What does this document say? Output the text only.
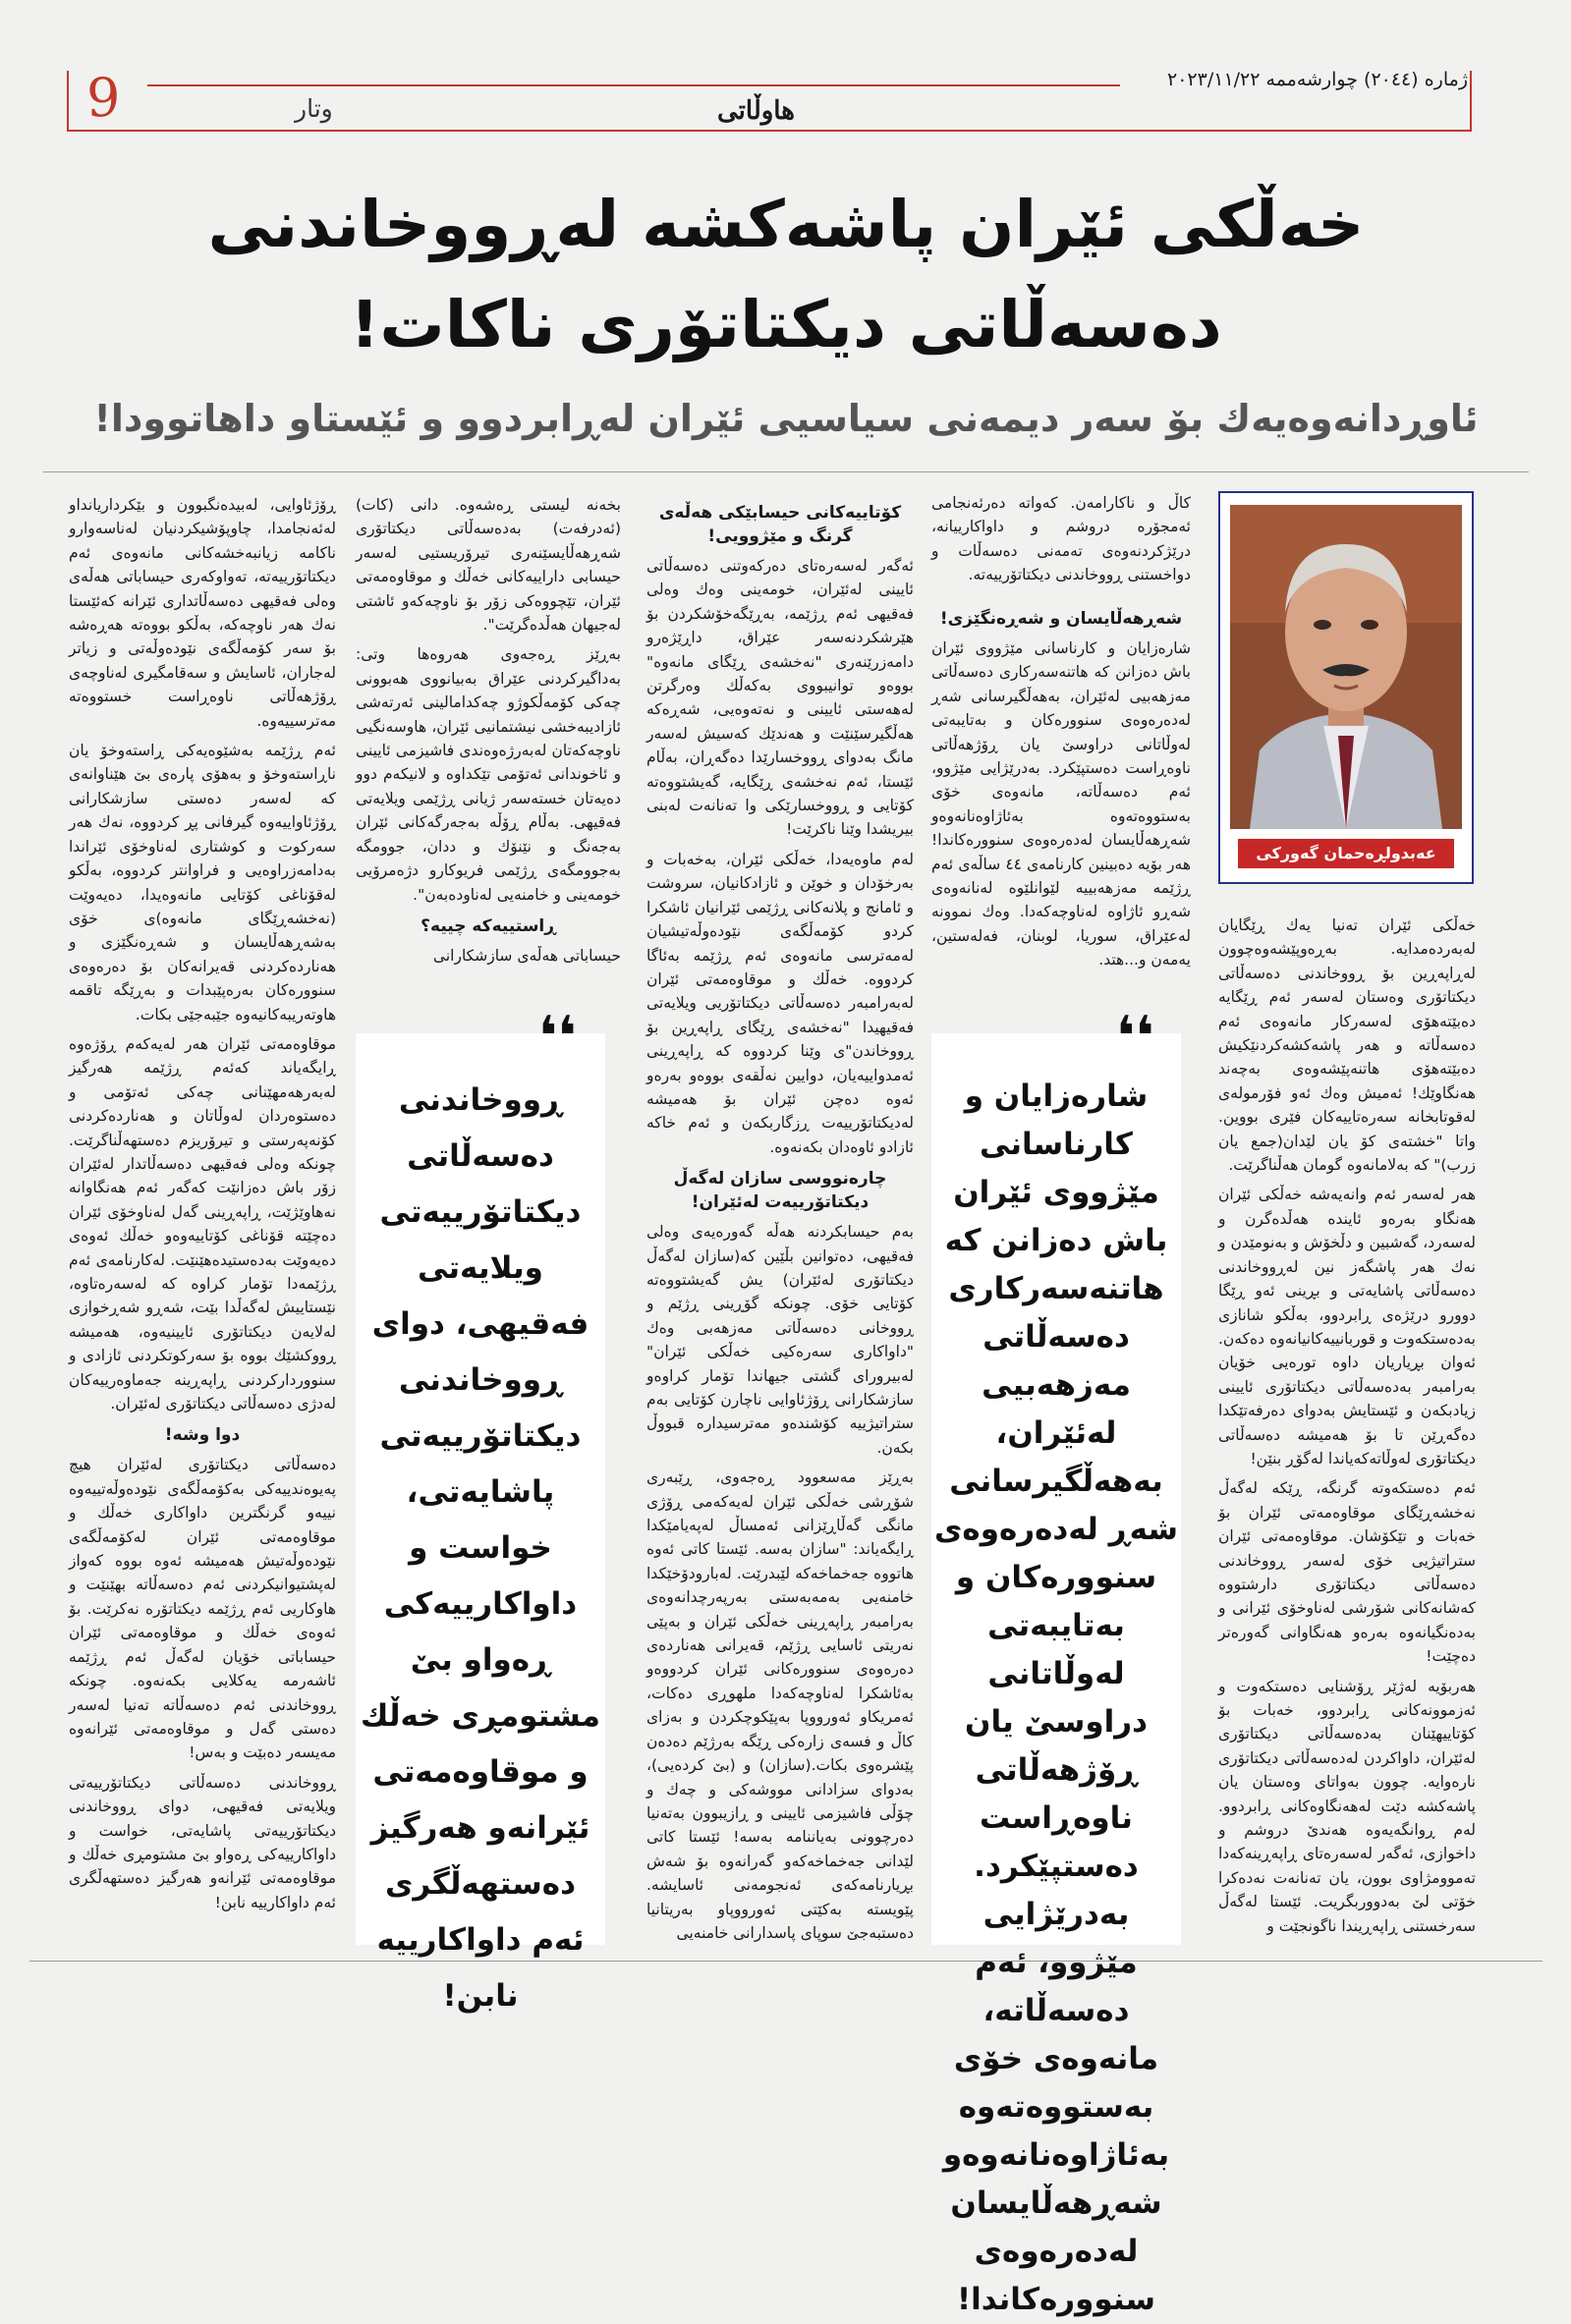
9	ژمارە (٢٠٤٤) چوارشەممە ٢٠٢٣/١١/٢٢
هاوڵاتی
وتار
خەڵکی ئێران پاشەکشە لەڕووخاندنی دەسەڵاتی دیکتاتۆری ناکات!
ئاوڕدانەوەیەك بۆ سەر دیمەنی سیاسیی ئێران لەڕابردوو و ئێستاو داهاتوودا!
عەبدولڕەحمان گەورکی

کاڵ و ناکارامەن. کەواتە دەرئەنجامی ئەمجۆرە دروشم و داواکارییانە، درێژکردنەوەی تەمەنی دەسەڵات و دواخستنی ڕووخاندنی دیکتاتۆرییەتە.

شەڕهەڵایسان و شەڕەنگێزی!

شارەزایان و کارناسانی مێژووی ئێران باش دەزانن کە هاتنەسەرکاری دەسەڵاتی مەزهەبیی لەئێران، بەهەڵگیرسانی شەڕ لەدەرەوەی سنوورەکان و بەتایبەتی لەوڵاتانی دراوسێ یان ڕۆژهەڵاتی ناوەڕاست دەستپێکرد. بەدرێژایی مێژوو، ئەم دەسەڵاتە، مانەوەی خۆی بەستووەتەوە بەئاژاوەنانەوەو شەڕهەڵایسان لەدەرەوەی سنوورەکاندا! هەر بۆیە دەبینین کارنامەی ٤٤ ساڵەی ئەم ڕژێمە مەزهەبییە لێوانلێوە لەنانەوەی شەڕو ئاژاوە لەناوچەکەدا. وەك نموونە لەعێراق، سوریا، لوبنان، فەلەستین، یەمەن و...هتد.

خەڵکی ئێران تەنیا یەك ڕێگایان لەبەردەمدایە. بەڕەوپێشەوەچوون لەڕاپەڕین بۆ ڕووخاندنی دەسەڵاتی دیکتاتۆری وەستان لەسەر ئەم ڕێگایە دەبێتەهۆی لەسەرکار مانەوەی ئەم دەسەڵاتە و هەر پاشەکشەکردنێکیش دەبێتەهۆی هاتنەپێشەوەی بەچەند هەنگاوێك! ئەمیش وەك ئەو فۆرمولەی لەقوتابخانە سەرەتاییەکان فێری بووین. واتا "خشتەی کۆ یان لێدان(جمع یان زرب)" کە بەلامانەوە گومان هەڵناگرێت.

هەر لەسەر ئەم وانەیەشە خەڵکی ئێران هەنگاو بەرەو ئایندە هەڵدەگرن و لەسەرد، گەشبین و دڵخۆش و بەنومێدن و نەك هەر پاشگەز نین لەڕووخاندنی دەسەڵاتی پاشایەتی و بڕینی ئەو ڕێگا دوورو درێژەی ڕابردوو، بەڵکو شانازی بەدەستکەوت و قوربانییەکانیانەوە دەکەن. ئەوان بڕیاریان داوە تورەیی خۆیان بەرامبەر بەدەسەڵاتی دیکتاتۆری ئایینی زیادبکەن و ئێستایش بەدوای دەرفەتێکدا دەگەڕێن تا بۆ هەمیشە دەسەڵاتی دیکتاتۆری لەوڵاتەکەیاندا لەگۆڕ بنێن!

ئەم دەستکەوتە گرنگە، ڕێکە لەگەڵ نەخشەڕێگای موقاوەمەتی ئێران بۆ خەبات و تێکۆشان. موقاوەمەتی ئێران ستراتیژیی خۆی لەسەر ڕووخاندنی دەسەڵاتی دیکتاتۆری دارشتووە کەشانەکانی شۆرشی لەناوخۆی ئێرانی و بەدەنگیانەوە بەرەو هەنگاوانی گەورەتر دەچێت!

هەربۆیە لەژێر ڕۆشنایی دەستکەوت و ئەزموونەکانی ڕابردوو، خەبات بۆ کۆتاییهێنان بەدەسەڵاتی دیکتاتۆری لەئێران، داواکردن لەدەسەڵاتی دیکتاتۆری نارەوایە. چوون بەواتای وەستان یان پاشەکشە دێت لەهەنگاوەکانی ڕابردوو. لەم ڕوانگەیەوە هەندێ دروشم و داخوازی، ئەگەر لەسەرەتای ڕاپەڕینەکەدا تەموومژاوی بوون، یان تەنانەت نەدەکرا خۆتی لێ بەدووربگریت. ئێستا لەگەڵ سەرخستنی ڕاپەڕیندا ناگونجێت و

کۆتاییەکانی حیسابێکی هەڵەی گرنگ و مێژوویی!

ئەگەر لەسەرەتای دەرکەوتنی دەسەڵاتی ئایینی لەئێران، خومەینی وەك وەلی فەقیهی ئەم ڕژێمە، بەڕێگەخۆشکردن بۆ هێرشکردنەسەر عێراق، داڕێژەرو دامەزرێنەری "نەخشەی ڕێگای مانەوە" بووەو توانیبووی بەکەڵك وەرگرتن لەهەستی ئایینی و نەتەوەیی، شەڕەکە هەڵگیرسێنێت و هەندێك کەسیش لەسەر مانگ بەدوای ڕووخسارێدا دەگەڕان، بەڵام ئێستا، ئەم نەخشەی ڕێگایە، گەیشتووەتە کۆتایی و ڕووخسارێکی وا تەنانەت لەبنی بیریشدا وێنا ناکرێت!

لەم ماوەیەدا، خەڵکی ئێران، بەخەبات و بەرخۆدان و خوێن و ئازادکانیان، سروشت و ئامانج و پلانەکانی ڕژێمی ئێرانیان ئاشکرا کردو کۆمەڵگەی نێودەوڵەتیشیان لەمەترسی مانەوەی ئەم ڕژێمە بەئاگا کردووە. خەڵك و موقاوەمەتی ئێران لەبەرامبەر دەسەڵاتی دیکتاتۆریی ویلایەتی فەقیهیدا "نەخشەی ڕێگای ڕاپەڕین بۆ ڕووخاندن"ی وێنا کردووە کە ڕاپەڕینی ئەمدواییەیان، دوایین نەڵقەی بووەو بەرەو ئەوە دەچن ئێران بۆ هەمیشە لەدیکتاتۆرییەت ڕزگاربکەن و ئەم خاکە ئازادو ئاوەدان بکەنەوە.

چارەنووسی سازان لەگەڵ دیکتاتۆرییەت لەئێران!

بەم حیسابکردنە هەڵە گەورەیەی وەلی فەقیهی، دەتوانین بڵێین کە(سازان لەگەڵ دیکتاتۆری لەئێران) یش گەیشتووەتە کۆتایی خۆی. چونکە گۆڕینی ڕژێم و ڕووخانی دەسەڵاتی مەزهەبی وەك "داواکاری سەرەکیی خەڵکی ئێران" لەبیرورای گشتی جیهاندا تۆمار کراوەو سازشکارانی ڕۆژئاوایی ناچارن کۆتایی بەم ستراتیژییە کۆشندەو مەترسیدارە قبووڵ بکەن.

بەڕێز مەسعوود ڕەجەوی، ڕێبەری شۆڕشی خەڵکی ئێران لەیەکەمی ڕۆژی مانگی گەڵاڕێزانی ئەمساڵ لەپەیامێکدا ڕایگەیاند: "سازان بەسە. ئێستا کاتی ئەوە هاتووە جەخماخەکە لێبدرێت. لەبارودۆخێکدا خامنەیی بەمەبەستی بەرپەرچدانەوەی بەرامبەر ڕاپەڕینی خەڵکی ئێران و بەپێی نەریتی ئاسایی ڕژێم، قەیرانی هەناردەی دەرەوەی سنوورەکانی ئێران کردووەو بەئاشکرا لەناوچەکەدا ملهوڕی دەکات، ئەمریکاو ئەورووپا بەپێکوچکردن و بەزای کاڵ و فسەی زارەکی ڕێگە بەرژێم دەدەن پێشرەوی بکات.(سازان) و (بێ کردەیی)، بەدوای سزادانی مووشەکی و چەك و چۆڵی فاشیزمی ئایینی و ڕازیبوون بەتەنیا دەرچوونی بەیاننامە بەسە! ئێستا کاتی لێدانی جەخماخەکەو گەرانەوە بۆ شەش بڕیارنامەکەی ئەنجومەنی ئاسایشە. پێویستە بەکێتی ئەورووپاو بەریتانیا دەستبەجێ سوپای پاسدارانی خامنەیی

بخەنە لیستی ڕەشەوە. دانی (کات) (ئەدرفەت) بەدەسەڵاتی دیکتاتۆری شەڕهەڵایسێنەری تیرۆریستیی لەسەر حیسابی داراییەکانی خەڵك و موقاوەمەتی ئێران، تێچووەکی زۆر بۆ ناوچەکەو ئاشتی لەجیهان هەڵدەگرێت".

بەڕێز ڕەجەوی هەروەها وتی: بەداگیرکردنی عێراق بەبیانووی هەبوونی چەکی کۆمەڵکوژو چەکدامالینی ئەرتەشی ئازادیبەخشی نیشتمانیی ئێران، هاوسەنگیی ناوچەکەتان لەبەرژەوەندی فاشیزمی ئایینی و ئاخوندانی ئەتۆمی تێکداوە و لانیکەم دوو دەیەتان خستەسەر ژیانی ڕژێمی ویلایەتی فەقیهی. بەڵام ڕۆڵە بەجەرگەکانی ئێران بەجەنگ و نێنۆك و ددان، جوومگە بەجوومگەی ڕژێمی فریوکارو دژەمرۆیی خومەینی و خامنەیی لەناودەبەن".

ڕاستییەکە چییە؟

حیساباتی هەڵەی سازشکارانی

ڕۆژئاوایی، لەبیدەنگبوون و بێکرداریانداو لەئەنجامدا، چاوپۆشیکردنیان لەناسەوارو ناکامە زیانبەخشەکانی مانەوەی ئەم دیکتاتۆرییەتە، تەواوکەری حیساباتی هەڵەی وەلی فەقیهی دەسەڵاتداری ئێرانە کەئێستا نەك هەر ناوچەکە، بەڵکو بووەتە هەڕەشە بۆ سەر کۆمەڵگەی نێودەوڵەتی و زیاتر لەجاران، ئاسایش و سەقامگیری لەناوچەی ڕۆژهەڵاتی ناوەڕاست خستووەتە مەترسییەوە.

ئەم ڕژێمە بەشێوەیەکی ڕاستەوخۆ یان ناڕاستەوخۆ و بەهۆی پارەی بێ هێناوانەی کە لەسەر دەستی سازشکارانی ڕۆژئاواییەوە گیرفانی پڕ کردووە، نەك هەر سەرکوت و کوشتاری لەناوخۆی ئێراندا بەدامەزراوەیی و فراوانتر کردووە، بەڵکو لەقۆناغی کۆتایی مانەوەیدا، دەیەوێت (نەخشەڕێگای مانەوە)ی خۆی بەشەڕهەڵایسان و شەڕەنگێزی و هەناردەکردنی قەیرانەکان بۆ دەرەوەی سنوورەکان بەرەپێبدات و بەڕێگە تاقمە هاوتەریبەکانیەوە جێبەجێی بکات.

موقاوەمەتی ئێران هەر لەیەکەم ڕۆژەوە ڕایگەیاند کەئەم ڕژێمە هەرگیز لەبەرهەمهێنانی چەکی ئەتۆمی و دەستوەردان لەوڵاتان و هەناردەکردنی کۆنەپەرستی و تیرۆریزم دەستهەڵناگرێت. چونکە وەلی فەقیهی دەسەڵاتدار لەئێران زۆر باش دەزانێت کەگەر ئەم هەنگاوانە نەهاوێژێت، ڕاپەڕینی گەل لەناوخۆی ئێران دەچێتە قۆناغی کۆتاییەوەو خەڵك ئەوەی دەیەوێت بەدەستیدەهێنێت. لەکارنامەی ئەم ڕژێمەدا تۆمار کراوە کە لەسەرەتاوە، نێستاییش لەگەڵدا بێت، شەڕو شەڕخوازی لەلایەن دیکتاتۆری ئایینیەوە، هەمیشە ڕووکشێك بووە بۆ سەرکوتکردنی ئازادی و سنووردارکردنی ڕاپەڕینە جەماوەرییەکان لەدژی دەسەڵاتی دیکتاتۆری لەئێران.

دوا وشە!

دەسەڵاتی دیکتاتۆری لەئێران هیچ پەیوەندییەکی بەکۆمەڵگەی نێودەوڵەتییەوە نییەو گرنگترین داواکاری خەڵك و موقاوەمەتی ئێران لەکۆمەڵگەی نێودەوڵەتیش هەمیشە ئەوە بووە کەواز لەپشتیوانیکردنی ئەم دەسەڵاتە بهێنێت و هاوکاریی ئەم ڕژێمە دیکتاتۆرە نەکرێت. بۆ ئەوەی خەڵك و موقاوەمەتی ئێران حیساباتی خۆیان لەگەڵ ئەم ڕژێمە ئاشەرمە یەکلایی بکەنەوە. چونکە ڕووخاندنی ئەم دەسەڵاتە تەنیا لەسەر دەستی گەل و موقاوەمەتی ئێرانەوە مەیسەر دەبێت و بەس!

ڕووخاندنی دەسەڵاتی دیکتاتۆرییەتی ویلایەتی فەقیهی، دوای ڕووخاندنی دیکتاتۆرییەتی پاشایەتی، خواست و داواکارییەکی ڕەواو بێ مشتومڕی خەڵك و موقاوەمەتی ئێرانەو هەرگیز دەستهەڵگری ئەم داواکارییە نابن!

شارەزایان و کارناسانی مێژووی ئێران باش دەزانن کە هاتنەسەرکاری دەسەڵاتی مەزهەبیی لەئێران، بەهەڵگیرسانی شەڕ لەدەرەوەی سنوورەکان و بەتایبەتی لەوڵاتانی دراوسێ یان ڕۆژهەڵاتی ناوەڕاست دەستپێکرد. بەدرێژایی مێژوو، ئەم دەسەڵاتە، مانەوەی خۆی بەستووەتەوە بەئاژاوەنانەوەو شەڕهەڵایسان لەدەرەوەی سنوورەکاندا!
❛❛
ڕووخاندنی دەسەڵاتی دیکتاتۆرییەتی ویلایەتی فەقیهی، دوای ڕووخاندنی دیکتاتۆرییەتی پاشایەتی، خواست و داواکارییەکی ڕەواو بێ مشتومڕی خەڵك و موقاوەمەتی ئێرانەو هەرگیز دەستهەڵگری ئەم داواکارییە نابن!
❛❛
